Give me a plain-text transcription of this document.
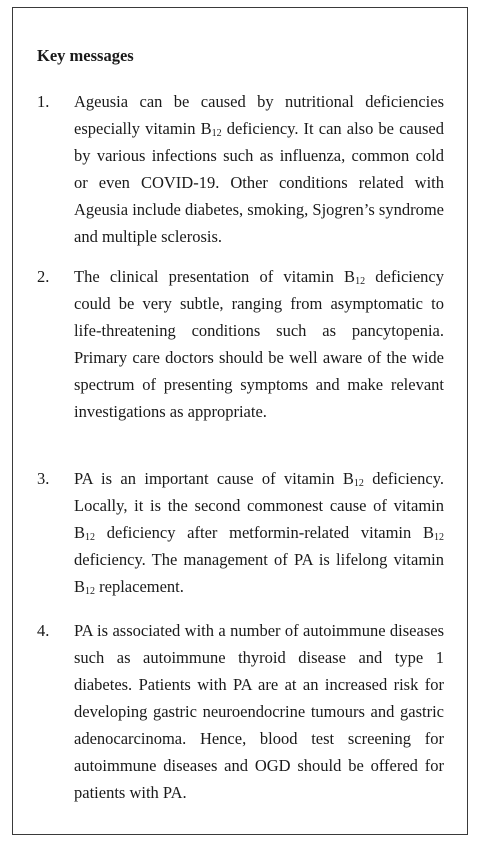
Key messages
1. Ageusia can be caused by nutritional deficiencies especially vitamin $B_{12}$ deficiency. It can also be caused by various infections such as influenza, common cold or even COVID-19. Other conditions related with Ageusia include diabetes, smoking, Sjogren’s syndrome and multiple sclerosis.

2. The clinical presentation of vitamin $B_{12}$ deficiency could be very subtle, ranging from asymptomatic to life-threatening conditions such as pancytopenia. Primary care doctors should be well aware of the wide spectrum of presenting symptoms and make relevant investigations as appropriate.

3. PA is an important cause of vitamin $B_{12}$ deficiency. Locally, it is the second commonest cause of vitamin $B_{12}$ deficiency after metformin-related vitamin $B_{12}$ deficiency. The management of PA is lifelong vitamin $B_{12}$ replacement.

4. PA is associated with a number of autoimmune diseases such as autoimmune thyroid disease and type 1 diabetes. Patients with PA are at an increased risk for developing gastric neuroendocrine tumours and gastric adenocarcinoma. Hence, blood test screening for autoimmune diseases and OGD should be offered for patients with PA.
